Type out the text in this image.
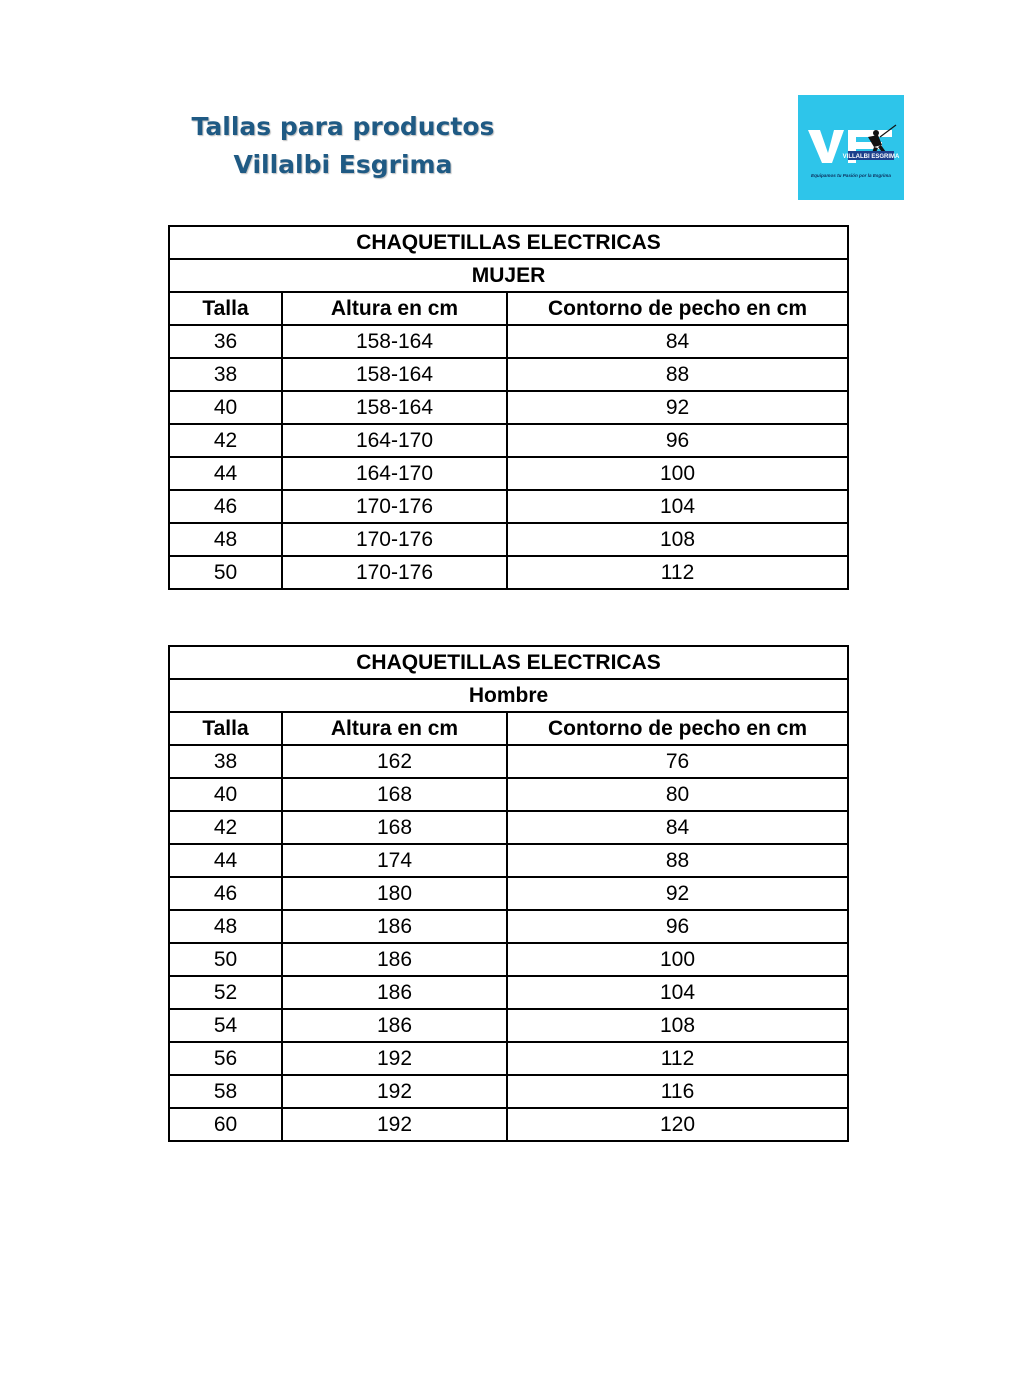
Tallas para productos
Villalbi Esgrima	VILLALBI ESGRIMA
Equipamos tu Pasión por la Esgrima
CHAQUETILLAS ELECTRICAS		
MUJER		
Talla	Altura en cm	Contorno de pecho en cm
36	158-164	84
38	158-164	88
40	158-164	92
42	164-170	96
44	164-170	100
46	170-176	104
48	170-176	108
50	170-176	112
CHAQUETILLAS ELECTRICAS		
Hombre		
Talla	Altura en cm	Contorno de pecho en cm
38	162	76
40	168	80
42	168	84
44	174	88
46	180	92
48	186	96
50	186	100
52	186	104
54	186	108
56	192	112
58	192	116
60	192	120
